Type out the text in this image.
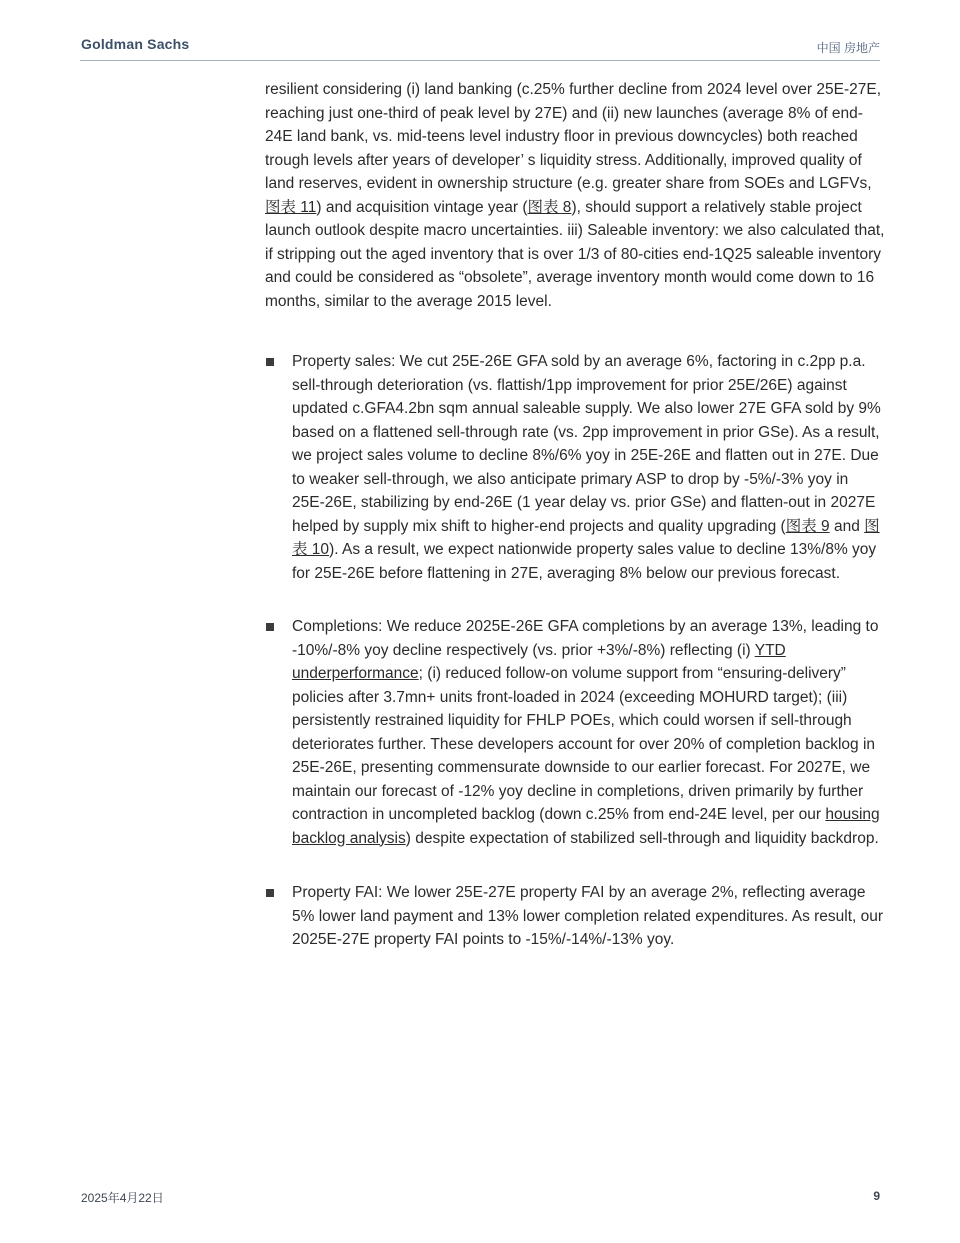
Goldman Sachs	中国 房地产
resilient considering (i) land banking (c.25% further decline from 2024 level over 25E-27E, reaching just one-third of peak level by 27E) and (ii) new launches (average 8% of end-24E land bank, vs. mid-teens level industry floor in previous downcycles) both reached trough levels after years of developer’ s liquidity stress. Additionally, improved quality of land reserves, evident in ownership structure (e.g. greater share from SOEs and LGFVs, 图表 11) and acquisition vintage year (图表 8), should support a relatively stable project launch outlook despite macro uncertainties. iii) Saleable inventory: we also calculated that, if stripping out the aged inventory that is over 1/3 of 80-cities end-1Q25 saleable inventory and could be considered as “obsolete”, average inventory month would come down to 16 months, similar to the average 2015 level.
Property sales: We cut 25E-26E GFA sold by an average 6%, factoring in c.2pp p.a. sell-through deterioration (vs. flattish/1pp improvement for prior 25E/26E) against updated c.GFA4.2bn sqm annual saleable supply. We also lower 27E GFA sold by 9% based on a flattened sell-through rate (vs. 2pp improvement in prior GSe). As a result, we project sales volume to decline 8%/6% yoy in 25E-26E and flatten out in 27E. Due to weaker sell-through, we also anticipate primary ASP to drop by -5%/-3% yoy in 25E-26E, stabilizing by end-26E (1 year delay vs. prior GSe) and flatten-out in 2027E helped by supply mix shift to higher-end projects and quality upgrading (图表 9 and 图表 10). As a result, we expect nationwide property sales value to decline 13%/8% yoy for 25E-26E before flattening in 27E, averaging 8% below our previous forecast.
Completions: We reduce 2025E-26E GFA completions by an average 13%, leading to -10%/-8% yoy decline respectively (vs. prior +3%/-8%) reflecting (i) YTD underperformance; (i) reduced follow-on volume support from “ensuring-delivery” policies after 3.7mn+ units front-loaded in 2024 (exceeding MOHURD target); (iii) persistently restrained liquidity for FHLP POEs, which could worsen if sell-through deteriorates further. These developers account for over 20% of completion backlog in 25E-26E, presenting commensurate downside to our earlier forecast. For 2027E, we maintain our forecast of -12% yoy decline in completions, driven primarily by further contraction in uncompleted backlog (down c.25% from end-24E level, per our housing backlog analysis) despite expectation of stabilized sell-through and liquidity backdrop.
Property FAI: We lower 25E-27E property FAI by an average 2%, reflecting average 5% lower land payment and 13% lower completion related expenditures. As result, our 2025E-27E property FAI points to -15%/-14%/-13% yoy.
2025年4月22日	9
